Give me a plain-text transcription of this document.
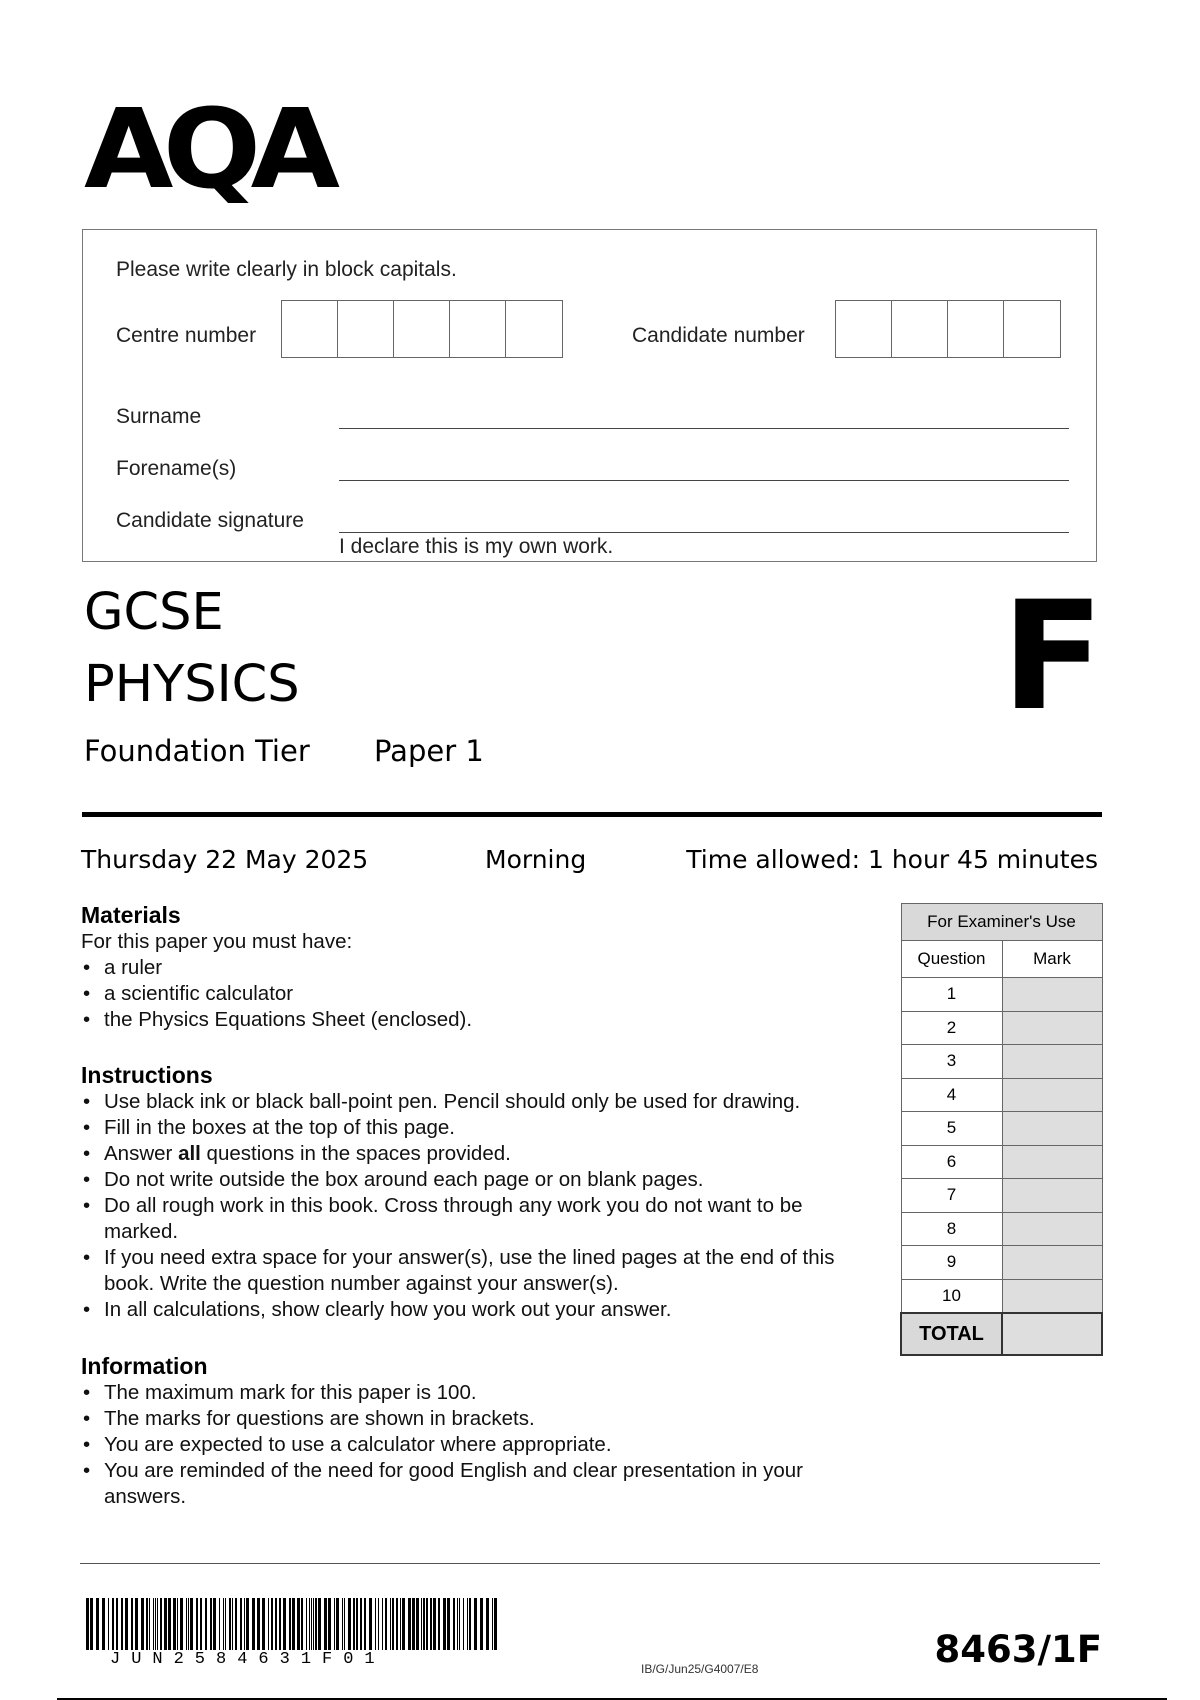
AQA
Please write clearly in block capitals.
Centre number	Candidate number
Surname
Forename(s)
Candidate signature
I declare this is my own work.
GCSE
PHYSICS
Foundation Tier Paper 1
F
Thursday 22 May 2025	Morning	Time allowed: 1 hour 45 minutes
Materials
For this paper you must have:
• a ruler
• a scientific calculator
• the Physics Equations Sheet (enclosed).
Instructions
• Use black ink or black ball-point pen. Pencil should only be used for drawing.
• Fill in the boxes at the top of this page.
• Answer all questions in the spaces provided.
• Do not write outside the box around each page or on blank pages.
• Do all rough work in this book. Cross through any work you do not want to be marked.
• If you need extra space for your answer(s), use the lined pages at the end of this book. Write the question number against your answer(s).
• In all calculations, show clearly how you work out your answer.
Information
• The maximum mark for this paper is 100.
• The marks for questions are shown in brackets.
• You are expected to use a calculator where appropriate.
• You are reminded of the need for good English and clear presentation in your answers.
For Examiner's Use	
Question	Mark
1	
2	
3	
4	
5	
6	
7	
8	
9	
10	
TOTAL	
JUN2584631F01	IB/G/Jun25/G4007/E8	8463/1F
